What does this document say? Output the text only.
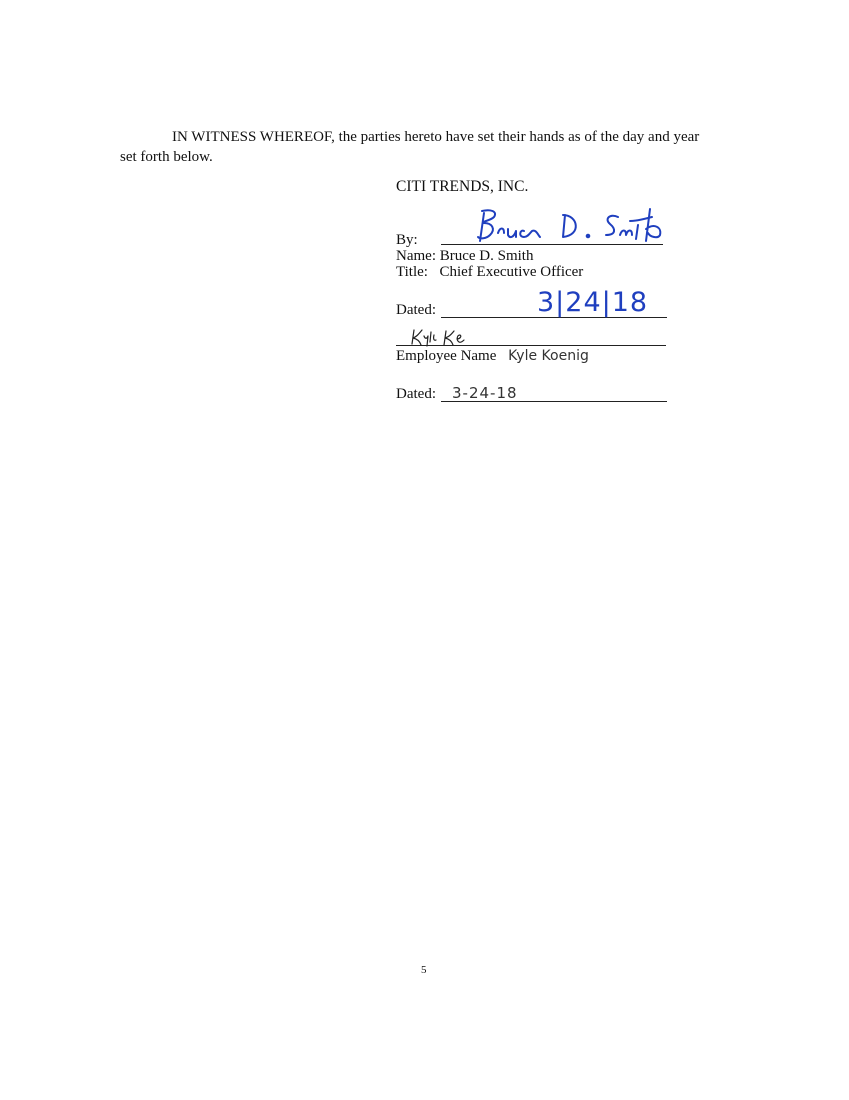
IN WITNESS WHEREOF, the parties hereto have set their hands as of the day and year
set forth below.
CITI TRENDS, INC.
By:
Name: Bruce D. Smith
Title: Chief Executive Officer
Dated:	3|24|18
Employee Name Kyle Koenig
Dated: 3-24-18
5
